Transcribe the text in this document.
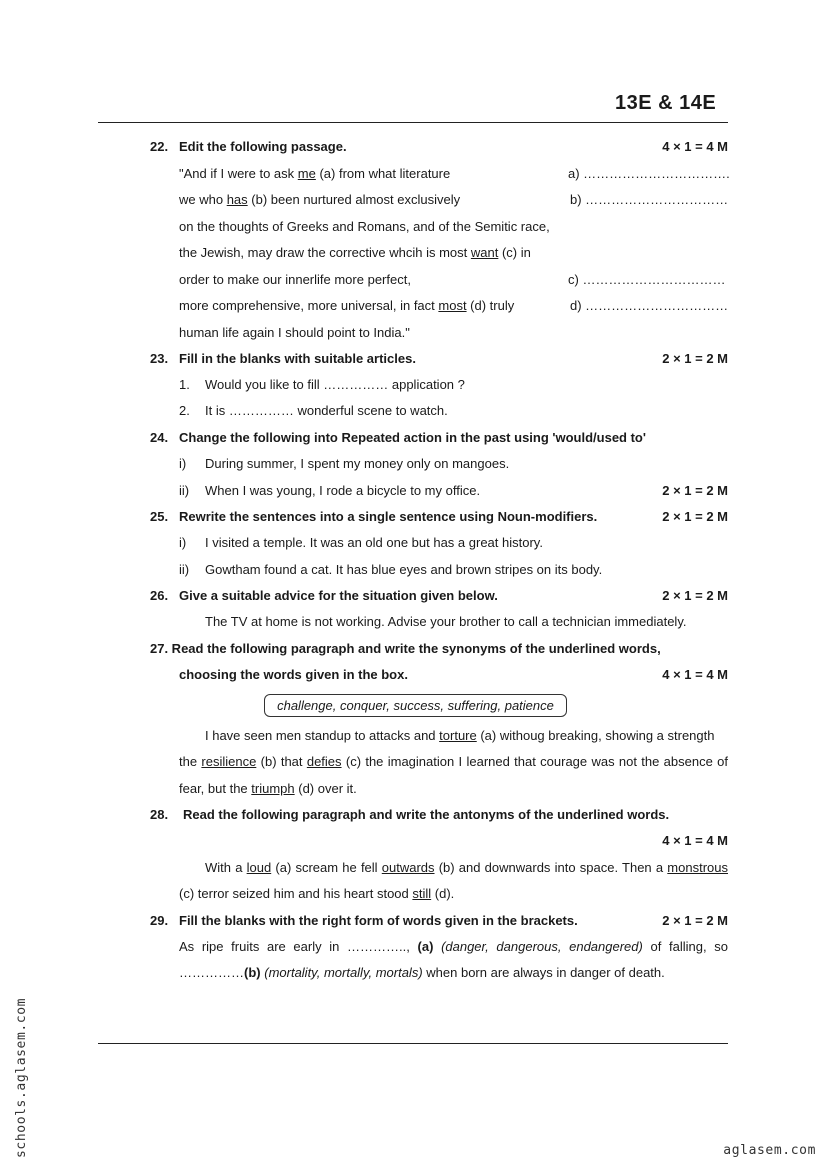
13E & 14E
22. Edit the following passage.	4 × 1 = 4 M
"And if I were to ask me (a) from what literature
we who has (b) been nurtured almost exclusively
on the thoughts of Greeks and Romans, and of the Semitic race,
the Jewish, may draw the corrective whcih is most want (c) in
order to make our innerlife more perfect,
more comprehensive, more universal, in fact most (d) truly
human life again I should point to India."
a) …………………………….
b) ……………………………
c) ……………………………
d) ……………………………
23. Fill in the blanks with suitable articles.	2 × 1 = 2 M
1. Would you like to fill …………… application ?
2. It is …………… wonderful scene to watch.
24. Change the following into Repeated action in the past using 'would/used to'
i) During summer, I spent my money only on mangoes.
ii) When I was young, I rode a bicycle to my office.	2 × 1 = 2 M
25. Rewrite the sentences into a single sentence using Noun-modifiers.	2 × 1 = 2 M
i) I visited a temple. It was an old one but has a great history.
ii) Gowtham found a cat. It has blue eyes and brown stripes on its body.
26. Give a suitable advice for the situation given below.	2 × 1 = 2 M
The TV at home is not working. Advise your brother to call a technician immediately.
27. Read the following paragraph and write the synonyms of the underlined words,
choosing the words given in the box.	4 × 1 = 4 M
challenge, conquer, success, suffering, patience
I have seen men standup to attacks and torture (a) withoug breaking, showing a strength
the resilience (b) that defies (c) the imagination I learned that courage was not the absence of
fear, but the triumph (d) over it.
28. Read the following paragraph and write the antonyms of the underlined words.
4 × 1 = 4 M
With a loud (a) scream he fell outwards (b) and downwards into space. Then a monstrous
(c) terror seized him and his heart stood still (d).
29. Fill the blanks with the right form of words given in the brackets.	2 × 1 = 2 M
As ripe fruits are early in ………….., (a) (danger, dangerous, endangered) of falling, so
……………(b) (mortality, mortally, mortals) when born are always in danger of death.
schools.aglasem.com	aglasem.com
